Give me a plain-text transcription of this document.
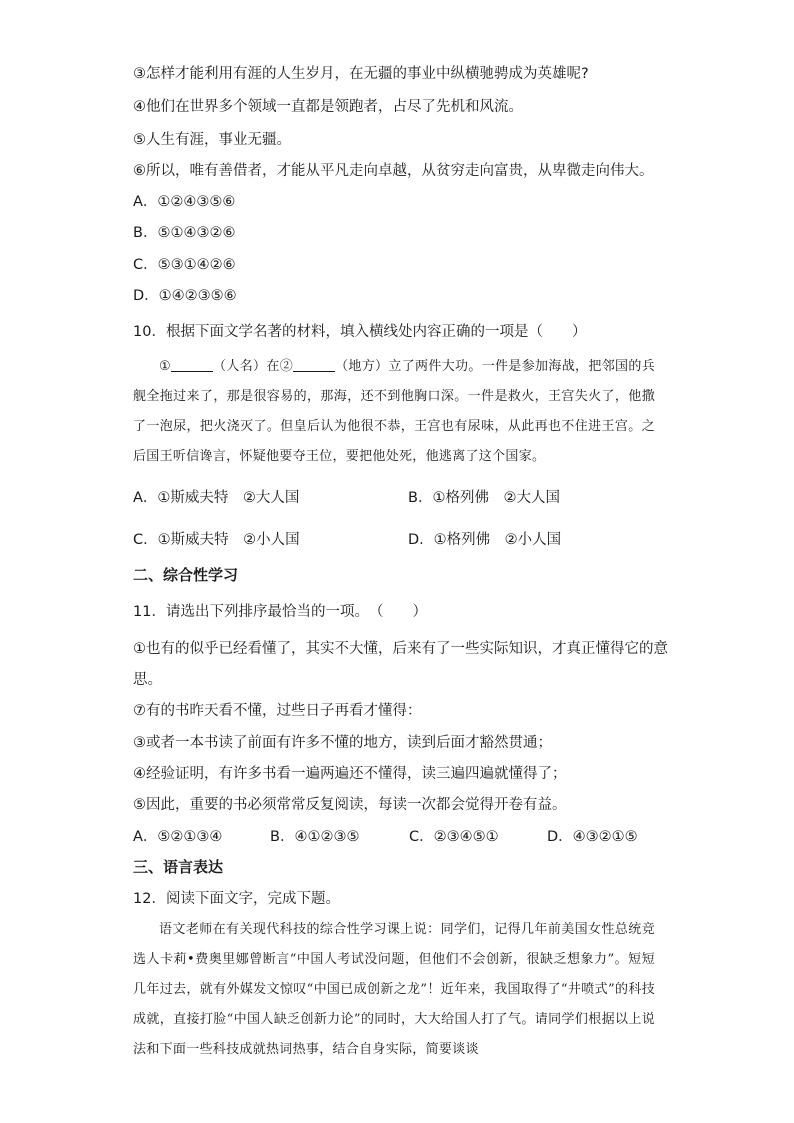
③怎样才能利用有涯的人生岁月，在无疆的事业中纵横驰骋成为英雄呢?
④他们在世界多个领域一直都是领跑者，占尽了先机和风流。
⑤人生有涯，事业无疆。
⑥所以，唯有善借者，才能从平凡走向卓越，从贫穷走向富贵，从卑微走向伟大。
A．①②④③⑤⑥
B．⑤①④③②⑥
C．⑤③①④②⑥
D．①④②③⑤⑥
10．根据下面文学名著的材料，填入横线处内容正确的一项是（　　）

①	（人名）在②	（地方）立了两件大功。一件是参加海战，把邻国的兵舰全拖过来了，那是很容易的，那海，还不到他胸口深。一件是救火，王宫失火了，他撒了一泡尿，把火浇灭了。但皇后认为他很不恭，王宫也有尿味，从此再也不住进王宫。之后国王听信谗言，怀疑他要夺王位，要把他处死，他逃离了这个国家。

A．①斯威夫特　②大人国	B．①格列佛　②大人国
C．①斯威夫特　②小人国	D．①格列佛　②小人国
二、综合性学习
11．请选出下列排序最恰当的一项。　（　　）
①也有的似乎已经看懂了，其实不大懂，后来有了一些实际知识，才真正懂得它的意
思。
⑦有的书昨天看不懂，过些日子再看才懂得：
③或者一本书读了前面有许多不懂的地方，读到后面才豁然贯通；
④经验证明，有许多书看一遍两遍还不懂得，读三遍四遍就懂得了；
⑤因此，重要的书必须常常反复阅读，每读一次都会觉得开卷有益。
A．⑤②①③④	B．④①②③⑤	C．②③④⑤①	D．④③②①⑤
三、语言表达
12．阅读下面文字，完成下题。

语文老师在有关现代科技的综合性学习课上说：同学们，记得几年前美国女性总统竞选人卡莉•费奥里娜曾断言“中国人考试没问题，但他们不会创新，很缺乏想象力”。短短几年过去，就有外媒发文惊叹“中国已成创新之龙”！近年来，我国取得了“井喷式”的科技成就，直接打脸“中国人缺乏创新力论”的同时，大大给国人打了气。请同学们根据以上说法和下面一些科技成就热词热事，结合自身实际，简要谈谈
